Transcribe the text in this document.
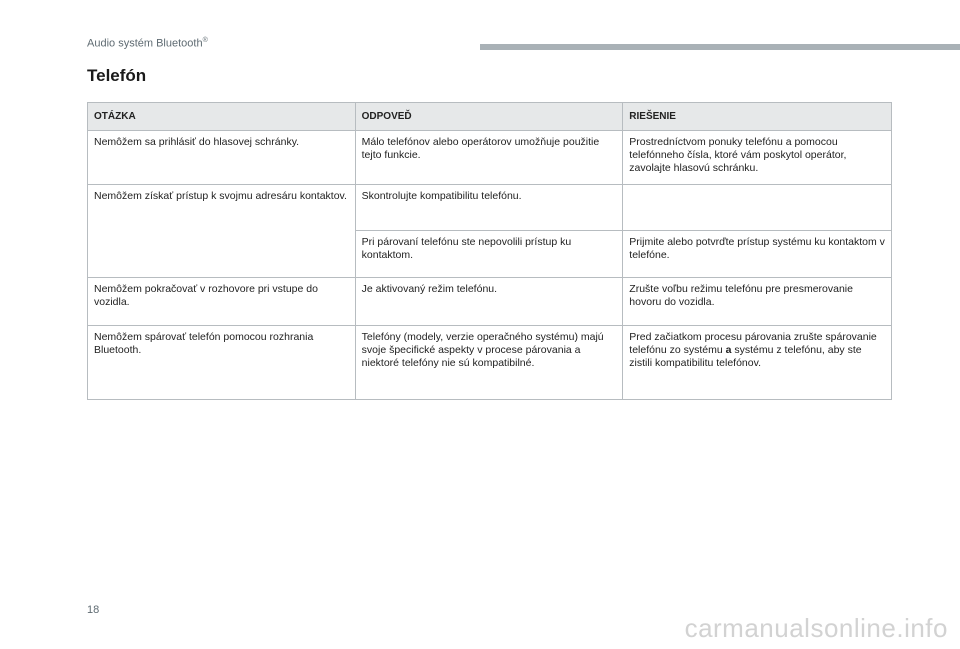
Audio systém Bluetooth®
Telefón
OTÁZKA	ODPOVEĎ	RIEŠENIE
Nemôžem sa prihlásiť do hlasovej schránky.	Málo telefónov alebo operátorov umožňuje použitie tejto funkcie.	Prostredníctvom ponuky telefónu a pomocou telefónneho čísla, ktoré vám poskytol operátor, zavolajte hlasovú schránku.
Nemôžem získať prístup k svojmu adresáru kontaktov.	Skontrolujte kompatibilitu telefónu.	
	Pri párovaní telefónu ste nepovolili prístup ku kontaktom.	Prijmite alebo potvrďte prístup systému ku kontaktom v telefóne.
Nemôžem pokračovať v rozhovore pri vstupe do vozidla.	Je aktivovaný režim telefónu.	Zrušte voľbu režimu telefónu pre presmerovanie hovoru do vozidla.
Nemôžem spárovať telefón pomocou rozhrania Bluetooth.	Telefóny (modely, verzie operačného systému) majú svoje špecifické aspekty v procese párovania a niektoré telefóny nie sú kompatibilné.	Pred začiatkom procesu párovania zrušte spárovanie telefónu zo systému a systému z telefónu, aby ste zistili kompatibilitu telefónov.
18
carmanualsonline.info
